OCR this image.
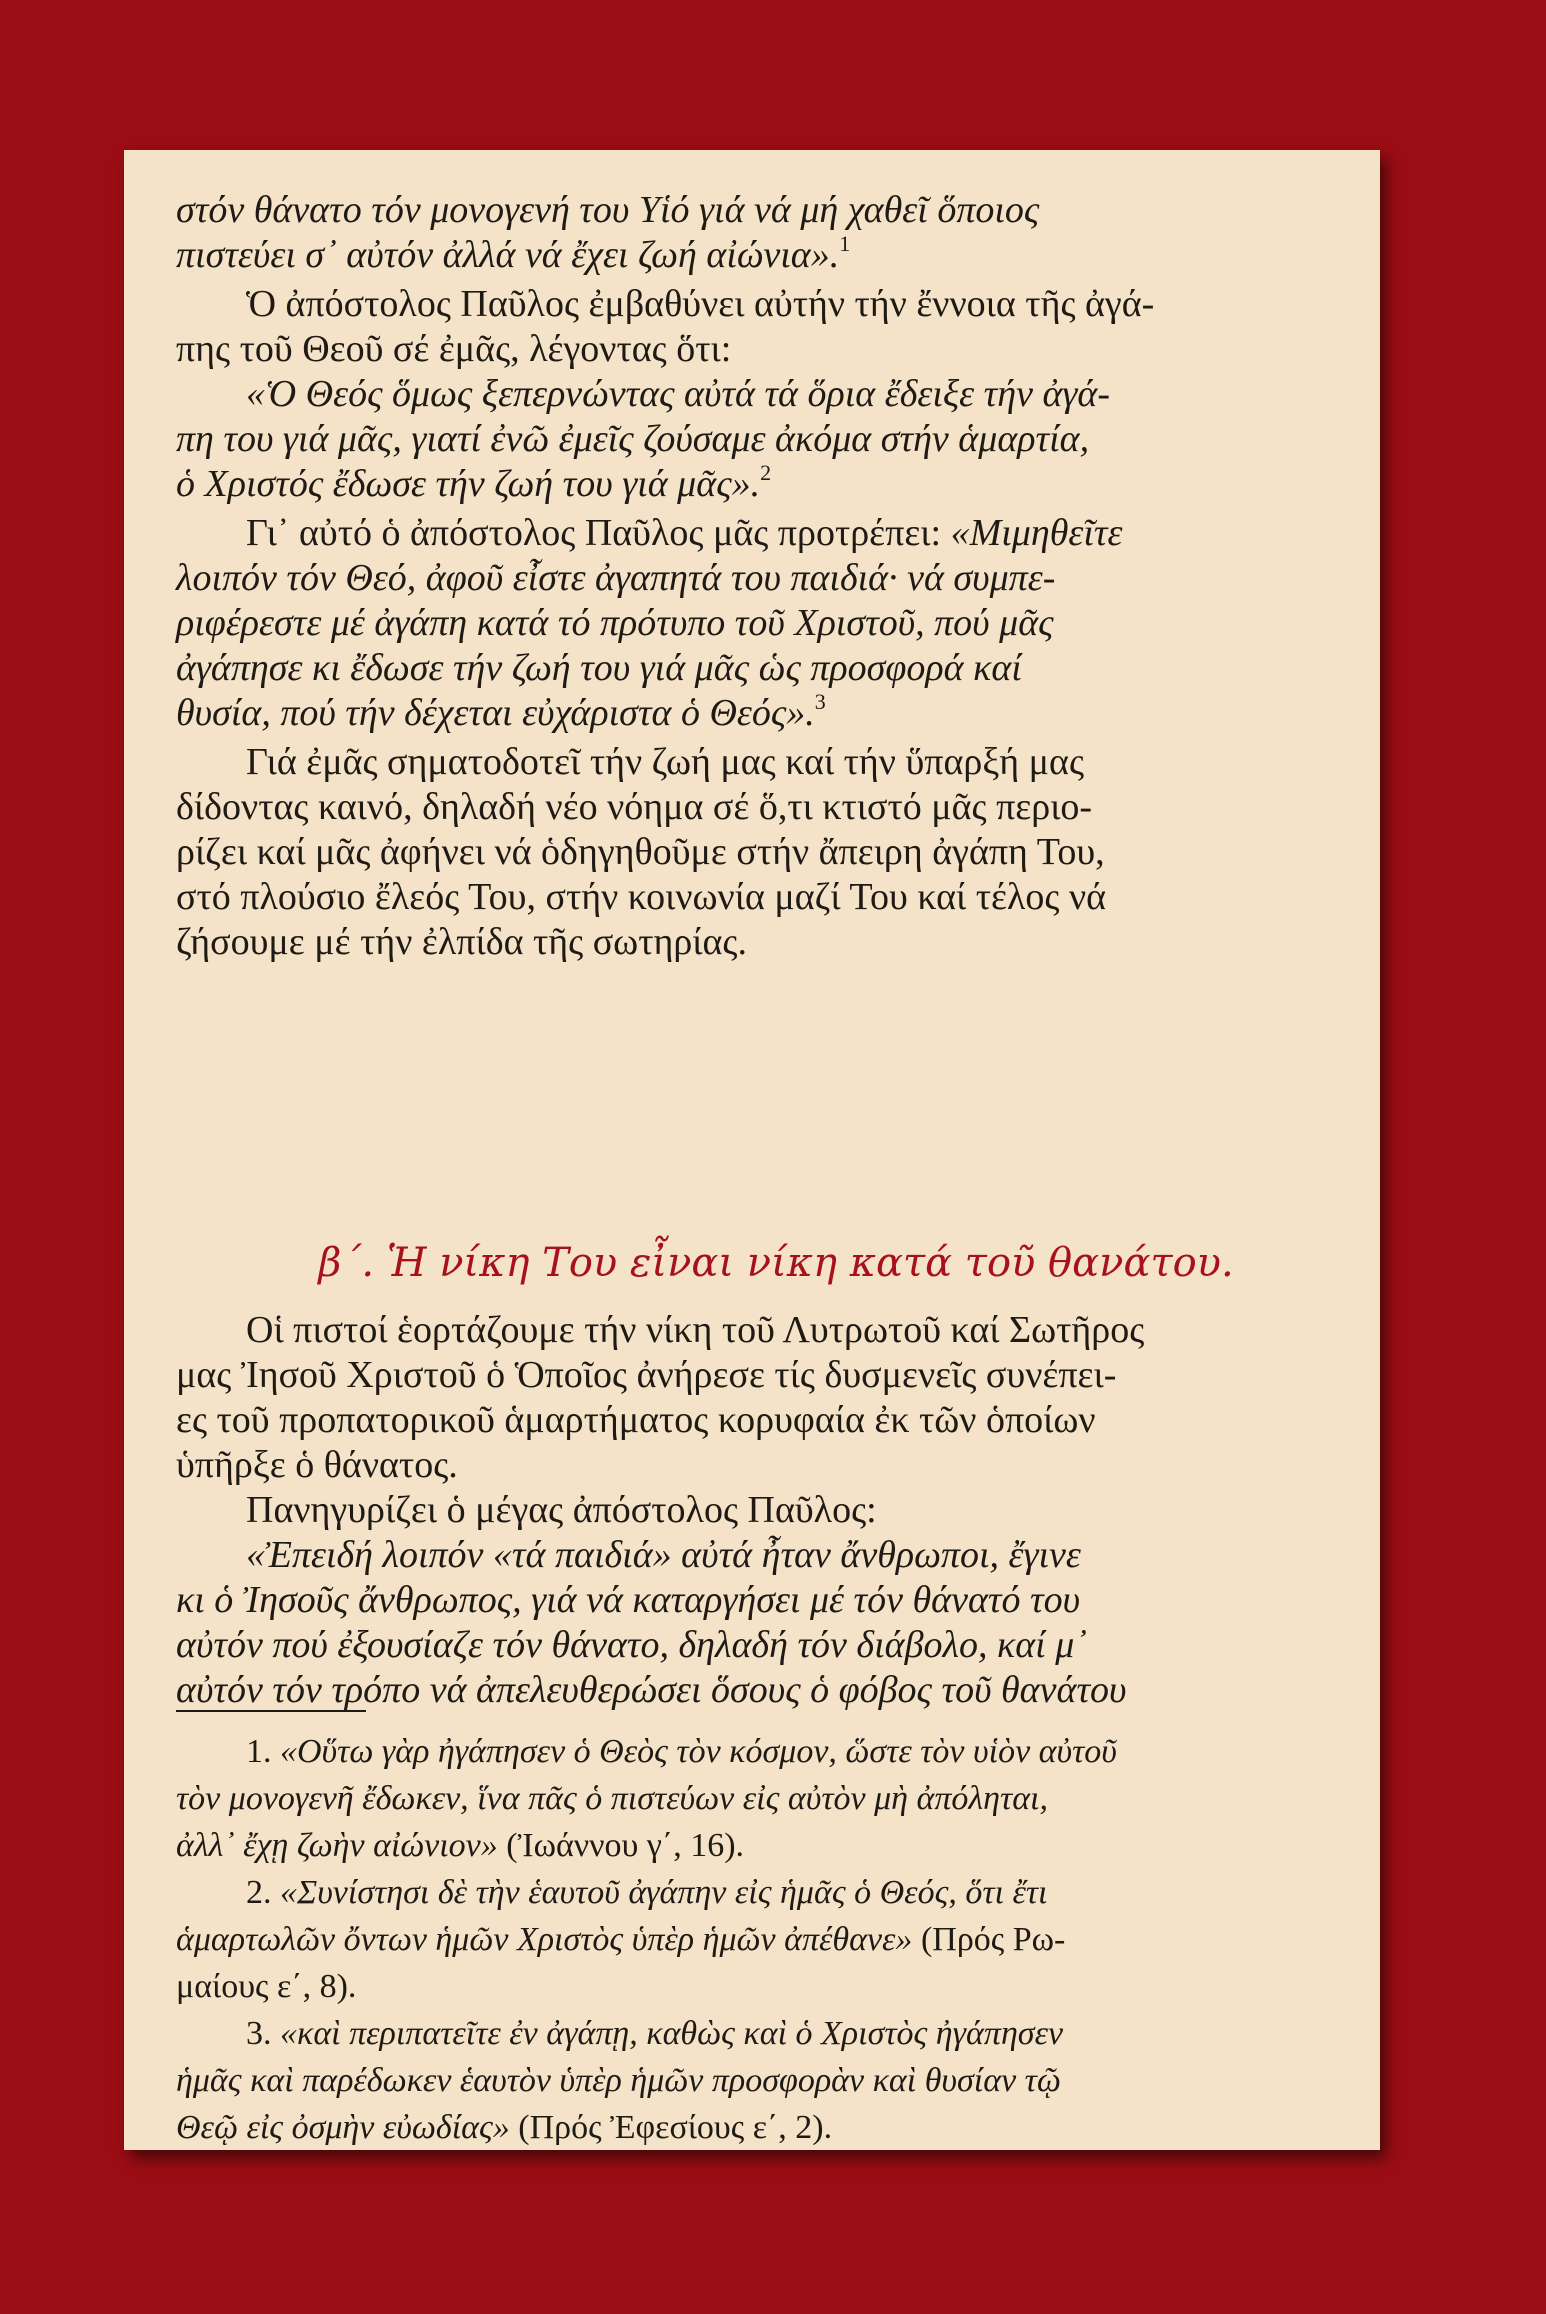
στόν θάνατο τόν μονογενή του Υἱό γιά νά μή χαθεῖ ὅποιος

πιστεύει σ᾽ αὐτόν ἀλλά νά ἔχει ζωή αἰώνια».$^1$

Ὁ ἀπόστολος Παῦλος ἐμβαθύνει αὐτήν τήν ἔννοια τῆς ἀγά-

πης τοῦ Θεοῦ σέ ἐμᾶς, λέγοντας ὅτι:

«Ὁ Θεός ὅμως ξεπερνώντας αὐτά τά ὅρια ἔδειξε τήν ἀγά-

πη του γιά μᾶς, γιατί ἐνῶ ἐμεῖς ζούσαμε ἀκόμα στήν ἁμαρτία,

ὁ Χριστός ἔδωσε τήν ζωή του γιά μᾶς».$^2$

Γι᾽ αὐτό ὁ ἀπόστολος Παῦλος μᾶς προτρέπει: «Μιμηθεῖτε

λοιπόν τόν Θεό, ἀφοῦ εἶστε ἀγαπητά του παιδιά· νά συμπε-

ριφέρεστε μέ ἀγάπη κατά τό πρότυπο τοῦ Χριστοῦ, πού μᾶς

ἀγάπησε κι ἔδωσε τήν ζωή του γιά μᾶς ὡς προσφορά καί

θυσία, πού τήν δέχεται εὐχάριστα ὁ Θεός».$^3$

Γιά ἐμᾶς σηματοδοτεῖ τήν ζωή μας καί τήν ὕπαρξή μας

δίδοντας καινό, δηλαδή νέο νόημα σέ ὅ,τι κτιστό μᾶς περιο-

ρίζει καί μᾶς ἀφήνει νά ὁδηγηθοῦμε στήν ἄπειρη ἀγάπη Του,

στό πλούσιο ἔλεός Του, στήν κοινωνία μαζί Του καί τέλος νά

ζήσουμε μέ τήν ἐλπίδα τῆς σωτηρίας.

β΄. Ἡ νίκη Του εἶναι νίκη κατά τοῦ θανάτου.

Οἱ πιστοί ἑορτάζουμε τήν νίκη τοῦ Λυτρωτοῦ καί Σωτῆρος

μας Ἰησοῦ Χριστοῦ ὁ Ὁποῖος ἀνήρεσε τίς δυσμενεῖς συνέπει-

ες τοῦ προπατορικοῦ ἁμαρτήματος κορυφαία ἐκ τῶν ὁποίων

ὑπῆρξε ὁ θάνατος.

Πανηγυρίζει ὁ μέγας ἀπόστολος Παῦλος:

«Ἐπειδή λοιπόν «τά παιδιά» αὐτά ἦταν ἄνθρωποι, ἔγινε

κι ὁ Ἰησοῦς ἄνθρωπος, γιά νά καταργήσει μέ τόν θάνατό του

αὐτόν πού ἐξουσίαζε τόν θάνατο, δηλαδή τόν διάβολο, καί μ᾽

αὐτόν τόν τρόπο νά ἀπελευθερώσει ὅσους ὁ φόβος τοῦ θανάτου

1. «Οὕτω γὰρ ἠγάπησεν ὁ Θεὸς τὸν κόσμον, ὥστε τὸν υἱὸν αὐτοῦ

τὸν μονογενῆ ἔδωκεν, ἵνα πᾶς ὁ πιστεύων εἰς αὐτὸν μὴ ἀπόληται,

ἀλλ᾽ ἔχῃ ζωὴν αἰώνιον» (Ἰωάννου γ΄, 16).

2. «Συνίστησι δὲ τὴν ἑαυτοῦ ἀγάπην εἰς ἡμᾶς ὁ Θεός, ὅτι ἔτι

ἁμαρτωλῶν ὄντων ἡμῶν Χριστὸς ὑπὲρ ἡμῶν ἀπέθανε» (Πρός Ρω-

μαίους ε΄, 8).

3. «καὶ περιπατεῖτε ἐν ἀγάπῃ, καθὼς καὶ ὁ Χριστὸς ἠγάπησεν

ἡμᾶς καὶ παρέδωκεν ἑαυτὸν ὑπὲρ ἡμῶν προσφορὰν καὶ θυσίαν τῷ

Θεῷ εἰς ὀσμὴν εὐωδίας» (Πρός Ἐφεσίους ε΄, 2).
